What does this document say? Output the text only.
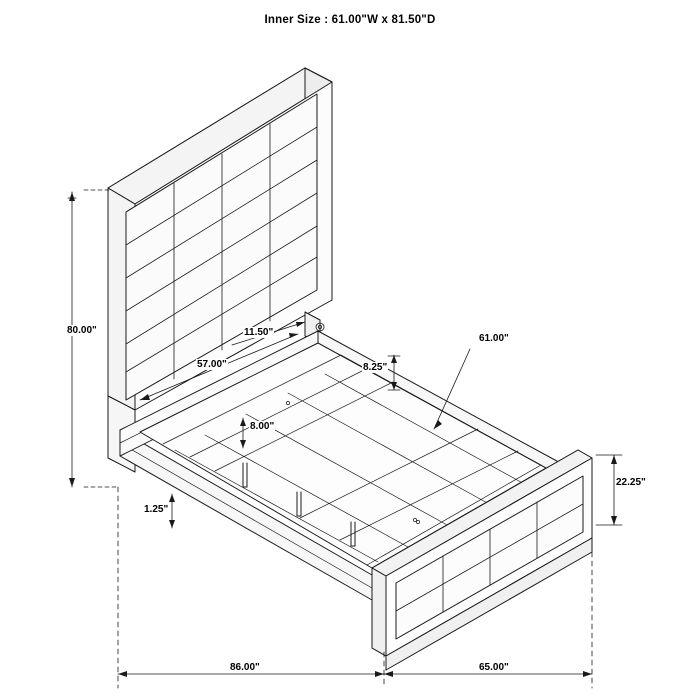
Inner Size : 61.00"W x 81.50"D
80.00"
57.00"
11.50"
61.00"
8.25"
8.00"
22.25"
1.25"
86.00"	65.00"
